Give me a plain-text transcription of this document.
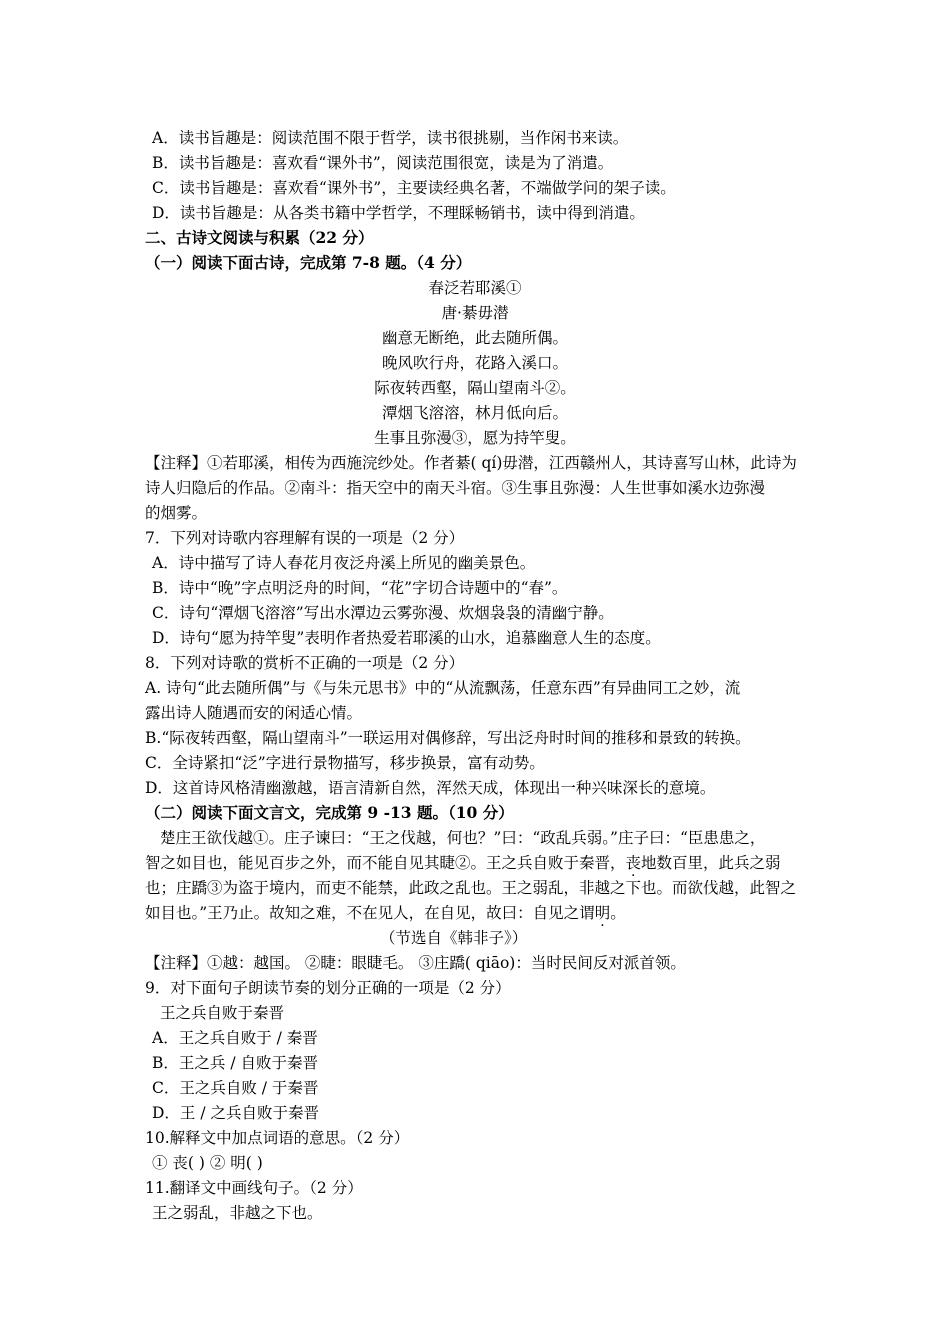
A．读书旨趣是：阅读范围不限于哲学，读书很挑剔，当作闲书来读。
B．读书旨趣是：喜欢看“课外书”，阅读范围很宽，读是为了消遣。
C．读书旨趣是：喜欢看“课外书”，主要读经典名著，不端做学问的架子读。
D．读书旨趣是：从各类书籍中学哲学，不理睬畅销书，读中得到消遣。
二、古诗文阅读与积累（22 分）
（一）阅读下面古诗，完成第 7-8 题。（4 分）
春泛若耶溪①
唐·綦毋潜
幽意无断绝，此去随所偶。
晚风吹行舟，花路入溪口。
际夜转西壑，隔山望南斗②。
潭烟飞溶溶，林月低向后。
生事且弥漫③，愿为持竿叟。
【注释】①若耶溪，相传为西施浣纱处。作者綦( qí)毋潜，江西赣州人，其诗喜写山林，此诗为
诗人归隐后的作品。②南斗：指天空中的南天斗宿。③生事且弥漫：人生世事如溪水边弥漫
的烟雾。
7．下列对诗歌内容理解有误的一项是（2 分）
A．诗中描写了诗人春花月夜泛舟溪上所见的幽美景色。
B．诗中“晚”字点明泛舟的时间，“花”字切合诗题中的“春”。
C．诗句“潭烟飞溶溶”写出水潭边云雾弥漫、炊烟袅袅的清幽宁静。
D．诗句“愿为持竿叟”表明作者热爱若耶溪的山水，追慕幽意人生的态度。
8．下列对诗歌的赏析不正确的一项是（2 分）
A. 诗句“此去随所偶”与《与朱元思书》中的“从流飘荡，任意东西”有异曲同工之妙，流
露出诗人随遇而安的闲适心情。
B.“际夜转西壑，隔山望南斗”一联运用对偶修辞，写出泛舟时时间的推移和景致的转换。
C．全诗紧扣“泛”字进行景物描写，移步换景，富有动势。
D．这首诗风格清幽激越，语言清新自然，浑然天成，体现出一种兴味深长的意境。
（二）阅读下面文言文，完成第 9 -13 题。（10 分）
楚庄王欲伐越①。庄子谏曰：“王之伐越，何也？”曰：“政乱兵弱。”庄子曰：“臣患患之，
智之如目也，能见百步之外，而不能自见其睫②。王之兵自败于秦晋，丧地数百里，此兵之弱
也；庄蹻③为盗于境内，而吏不能禁，此政之乱也。王之弱乱，非越之下也。而欲伐越，此智之
如目也。”王乃止。故知之难，不在见人，在自见，故曰：自见之谓明。
（节选自《韩非子》）
【注释】①越：越国。 ②睫：眼睫毛。 ③庄蹻( qiāo)：当时民间反对派首领。
9．对下面句子朗读节奏的划分正确的一项是（2 分）
王之兵自败于秦晋
A．王之兵自败于 / 秦晋
B．王之兵 / 自败于秦晋
C．王之兵自败 / 于秦晋
D．王 / 之兵自败于秦晋
10.解释文中加点词语的意思。（2 分）
① 丧( ) ② 明( )
11.翻译文中画线句子。（2 分）
王之弱乱，非越之下也。
